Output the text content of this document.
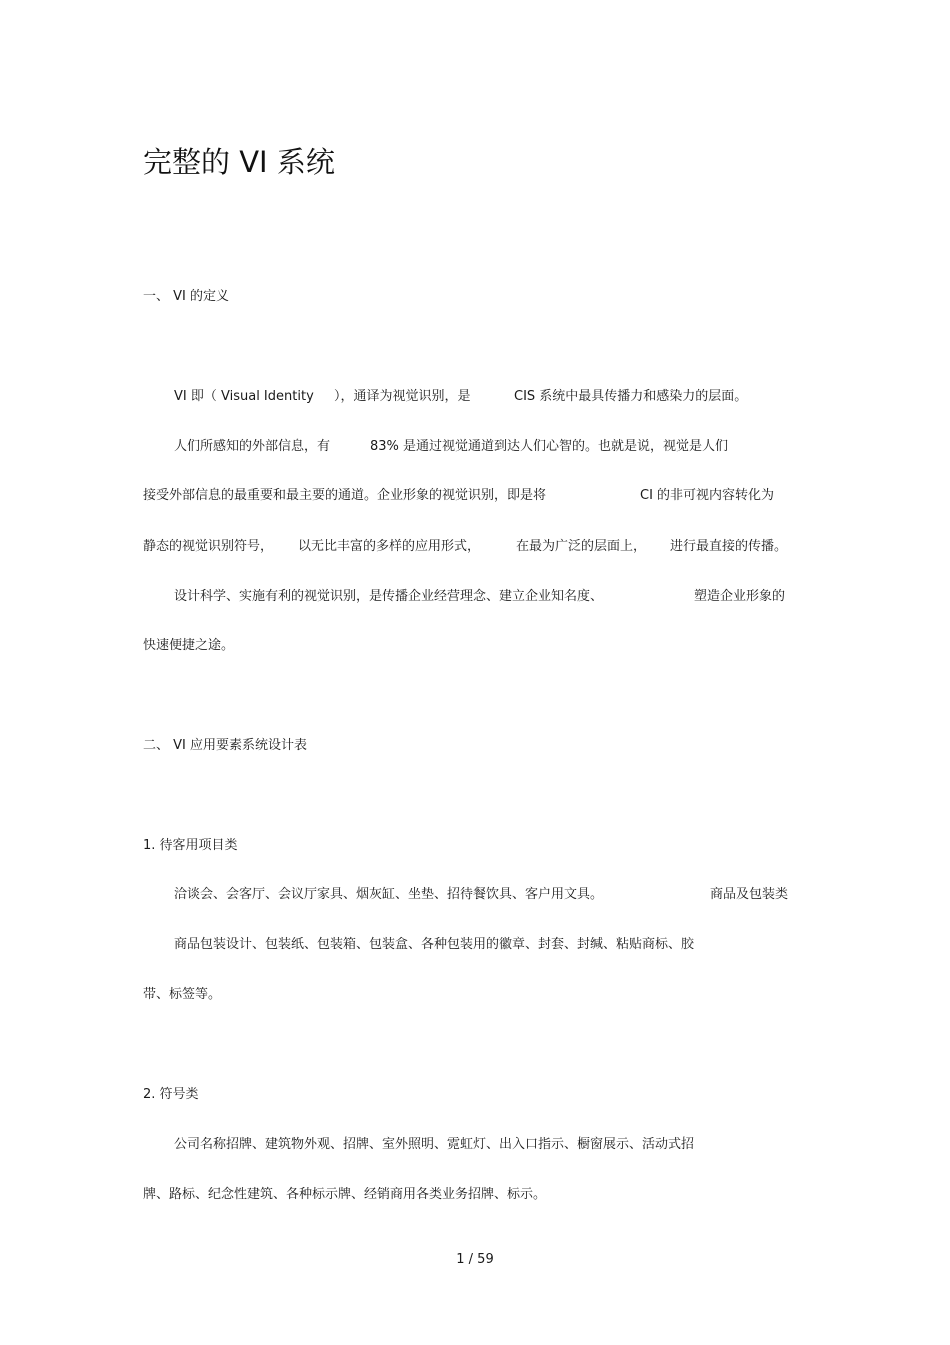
完整的 VI 系统
一、 VI 的定义
VI 即（ Visual Identity ），通译为视觉识别，是	CIS 系统中最具传播力和感染力的层面。
人们所感知的外部信息，有	83% 是通过视觉通道到达人们心智的。也就是说，视觉是人们
接受外部信息的最重要和最主要的通道。企业形象的视觉识别，即是将	CI 的非可视内容转化为
静态的视觉识别符号， 以无比丰富的多样的应用形式，	在最为广泛的层面上， 进行最直接的传播。
设计科学、实施有利的视觉识别，是传播企业经营理念、建立企业知名度、	塑造企业形象的
快速便捷之途。
二、 VI 应用要素系统设计表
1. 待客用项目类
洽谈会、会客厅、会议厅家具、烟灰缸、坐垫、招待餐饮具、客户用文具。	商品及包装类
商品包装设计、包装纸、包装箱、包装盒、各种包装用的徽章、封套、封缄、粘贴商标、胶
带、标签等。
2. 符号类
公司名称招牌、建筑物外观、招牌、室外照明、霓虹灯、出入口指示、橱窗展示、活动式招
牌、路标、纪念性建筑、各种标示牌、经销商用各类业务招牌、标示。
1 / 59
